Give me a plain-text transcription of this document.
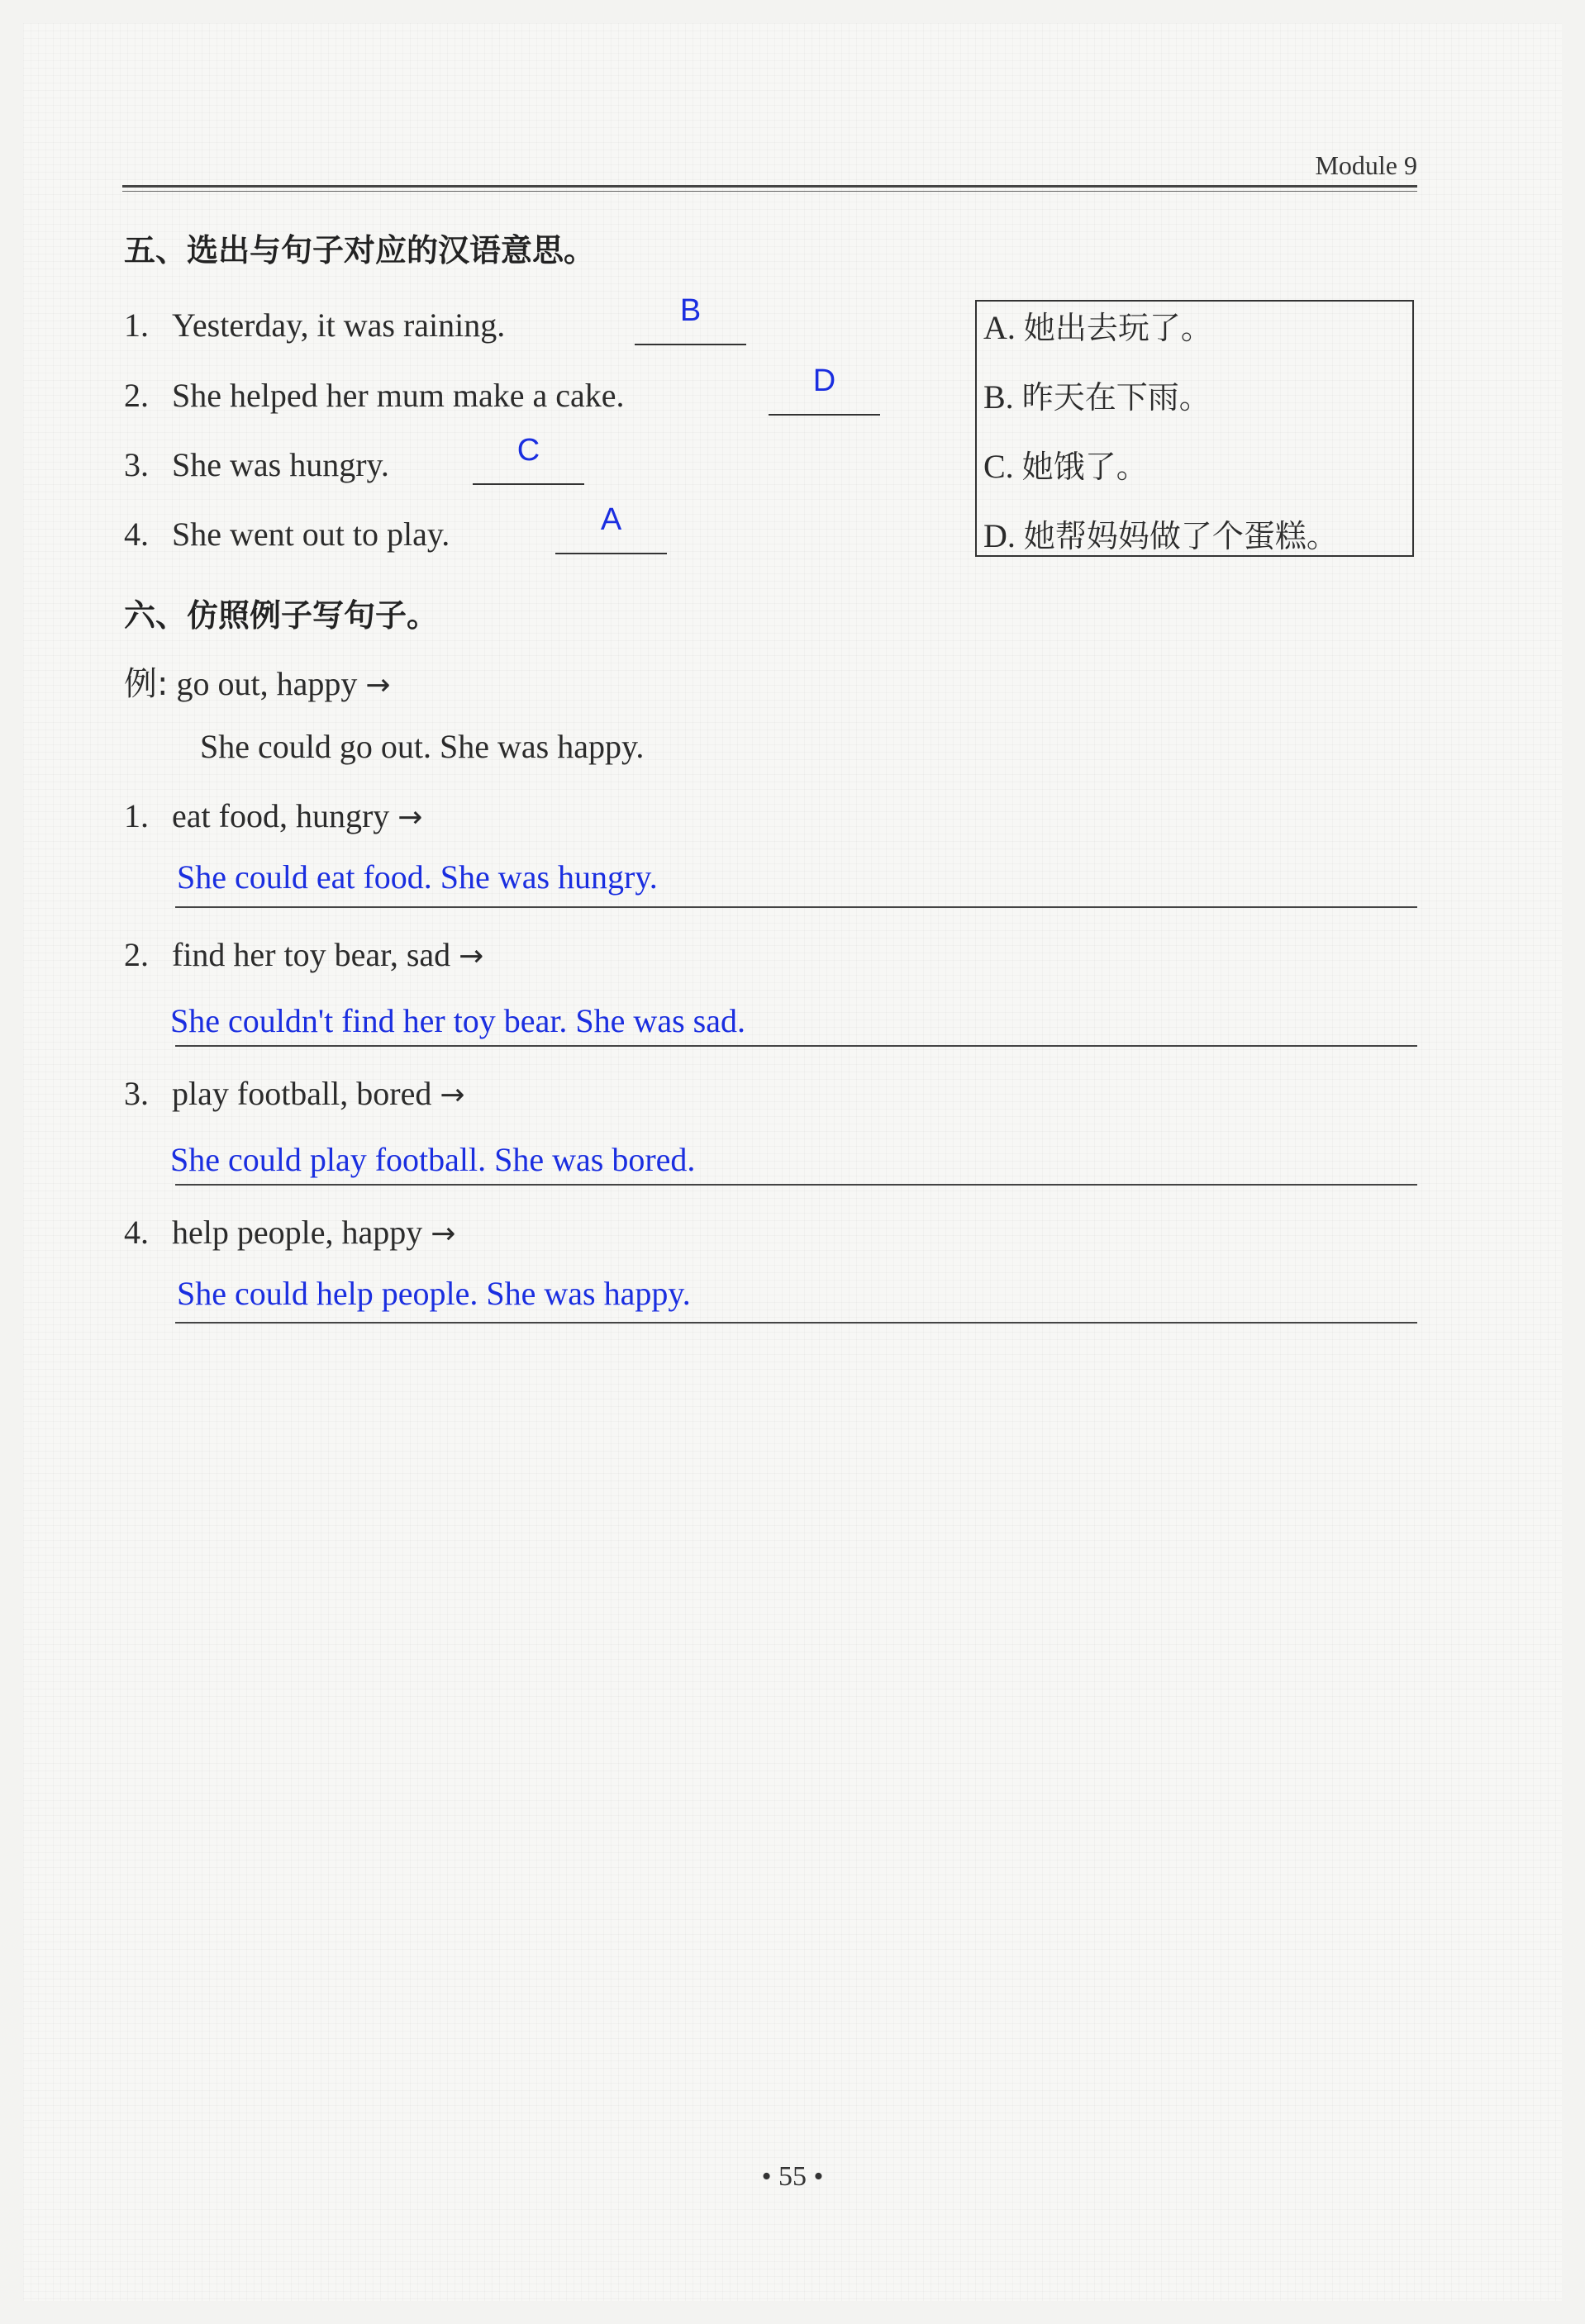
Module 9
五、选出与句子对应的汉语意思。
1. Yesterday, it was raining.	B
2. She helped her mum make a cake.	D
3. She was hungry.	C
4. She went out to play.	A
A. 她出去玩了。
B. 昨天在下雨。
C. 她饿了。
D. 她帮妈妈做了个蛋糕。
六、仿照例子写句子。
例: go out, happy →
She could go out. She was happy.
1. eat food, hungry →
She could eat food. She was hungry.
2. find her toy bear, sad →
She couldn't find her toy bear. She was sad.
3. play football, bored →
She could play football. She was bored.
4. help people, happy →
She could help people. She was happy.
• 55 •
